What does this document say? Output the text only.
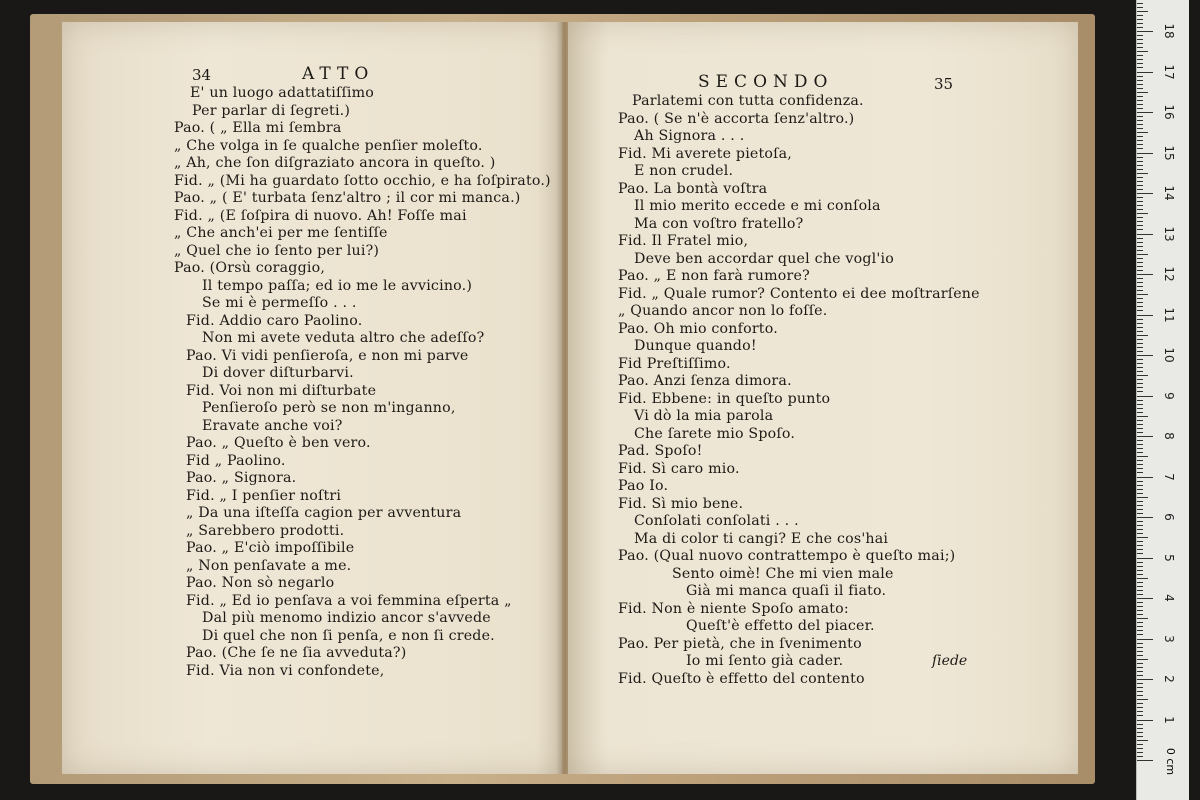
34	ATTO
E' un luogo adattatiſſimo
Per parlar di ſegreti.)
Pao. ( „ Ella mi ſembra
„ Che volga in ſe qualche penſier moleſto.
„ Ah, che ſon diſgraziato ancora in queſto. )
Fid. „ (Mi ha guardato ſotto occhio, e ha ſoſpirato.)
Pao. „ ( E' turbata ſenz'altro ; il cor mi manca.)
Fid. „ (E ſoſpira di nuovo. Ah! Foſſe mai
„ Che anch'ei per me ſentiſſe
„ Quel che io ſento per lui?)
Pao. (Orsù coraggio,
Il tempo paſſa; ed io me le avvicino.)
Se mi è permeſſo . . .
Fid. Addio caro Paolino.
Non mi avete veduta altro che adeſſo?
Pao. Vi vidi penſieroſa, e non mi parve
Di dover diſturbarvi.
Fid. Voi non mi diſturbate
Penſieroſo però se non m'inganno,
Eravate anche voi?
Pao. „ Queſto è ben vero.
Fid „ Paolino.
Pao. „ Signora.
Fid. „ I penſier noſtri
„ Da una iſteſſa cagion per avventura
„ Sarebbero prodotti.
Pao. „ E'ciò impoſſibile
„ Non penſavate a me.
Pao. Non sò negarlo
Fid. „ Ed io penſava a voi femmina eſperta „
Dal più menomo indizio ancor s'avvede
Di quel che non ſi penſa, e non ſi crede.
Pao. (Che ſe ne ſia avveduta?)
Fid. Via non vi confondete,
SECONDO	35
Parlatemi con tutta confidenza.
Pao. ( Se n'è accorta ſenz'altro.)
Ah Signora . . .
Fid. Mi averete pietoſa,
E non crudel.
Pao. La bontà voſtra
Il mio merito eccede e mi conſola
Ma con voſtro fratello?
Fid. Il Fratel mio,
Deve ben accordar quel che vogl'io
Pao. „ E non farà rumore?
Fid. „ Quale rumor? Contento ei dee moſtrarſene
„ Quando ancor non lo foſſe.
Pao. Oh mio conforto.
Dunque quando!
Fid Preſtiſſimo.
Pao. Anzi ſenza dimora.
Fid. Ebbene: in queſto punto
Vi dò la mia parola
Che ſarete mio Spoſo.
Pad. Spoſo!
Fid. Sì caro mio.
Pao Io.
Fid. Sì mio bene.
Conſolati conſolati . . .
Ma di color ti cangi? E che cos'hai
Pao. (Qual nuovo contrattempo è queſto mai;)
Sento oimè! Che mi vien male
Già mi manca quaſi il fiato.
Fid. Non è niente Spoſo amato:
Queſt'è effetto del piacer.
Pao. Per pietà, che in ſvenimento
Io mi ſento già cader.
Fid. Queſto è effetto del contento
ſiede
1
2
3
4
5
6
7
8
9
10
11
12
13
14
15
16
17
18
0 cm
